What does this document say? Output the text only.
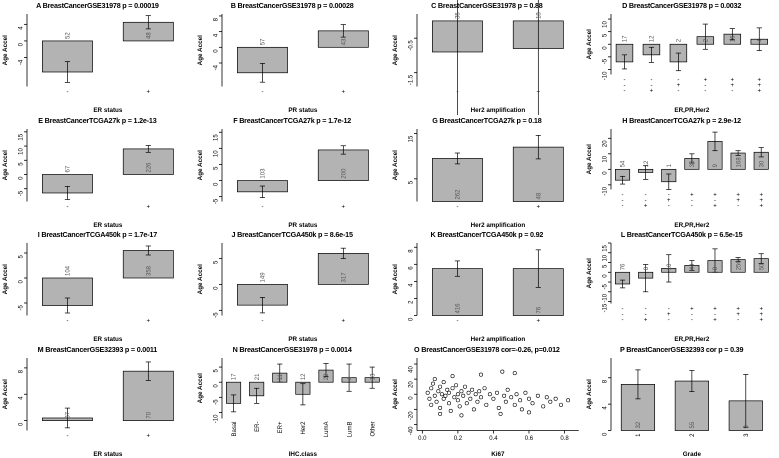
A BreastCancerGSE31978 p = 0.00019
-4
0
4
52
-
48
+
ER status
Age Accel
B BreastCancerGSE31978 p = 0.00028
-4
0
4
8
57
-
43
+
PR status
Age Accel
C BreastCancerGSE31978 p = 0.88
-1.5
-0.5
35
-
18
+
Her2 amplification
Age Accel
D BreastCancerGSE31978 p = 0.0032
-10
-5
0
5
10
17
-
-
-
12
-
-
+
2
-
+
-
2
+
-
-
16
+
+
-
4
+
+
+
ER,PR,Her2
Age Accel
E BreastCancerTCGA27k p = 1.2e-13
-5
0
5
10
15
67
-
226
+
ER status
Age Accel
F BreastCancerTCGA27k p = 1.7e-12
-5
0
5
10
15
103
-
200
+
PR status
Age Accel
G BreastCancerTCGA27k p = 0.18
5
15
262
-
48
+
Her2 amplification
Age Accel
H BreastCancerTCGA27k p = 2.9e-12
-10
0
10
20
54
-
-
-
12
-
-
+
1
-
+
-
36
+
-
-
9
+
-
+
168
+
+
-
30
+
+
+
ER,PR,Her2
Age Accel
I BreastCancerTCGA450k p = 1.7e-17
-5
0
5
104
-
358
+
ER status
Age Accel
J BreastCancerTCGA450k p = 8.6e-15
-5
0
5
149
-
317
+
PR status
Age Accel
K BreastCancerTCGA450k p = 0.92
0
2
4
6
8
416
-
76
+
Her2 amplification
Age Accel
L BreastCancerTCGA450k p = 6.5e-15
-15
-10
-5
0
5
10
15
76
-
-
-
8
-
-
+
10
-
+
-
44
+
-
-
8
+
-
+
256
+
+
-
50
+
+
+
ER,PR,Her2
Age Accel
M BreastCancerGSE32393 p = 0.0011
0
4
8
37
-
70
+
ER status
Age Accel
N BreastCancerGSE31978 p = 0.0014
-10
-5
0
5
17
Basal
21
ER-
11
ER+
12
Her2
22
LumA
4
LumB
13
Other
IHC.class
Age Accel
O BreastCancerGSE31978 cor=-0.26, p=0.012
-40
-20
0
20
40
0.0	0.2	0.4	0.6	0.8
Ki67
Age Accel
P BreastCancerGSE32393 cor p = 0.39
0
4
8
32
1
55
2
9
3
Grade
Age Accel
